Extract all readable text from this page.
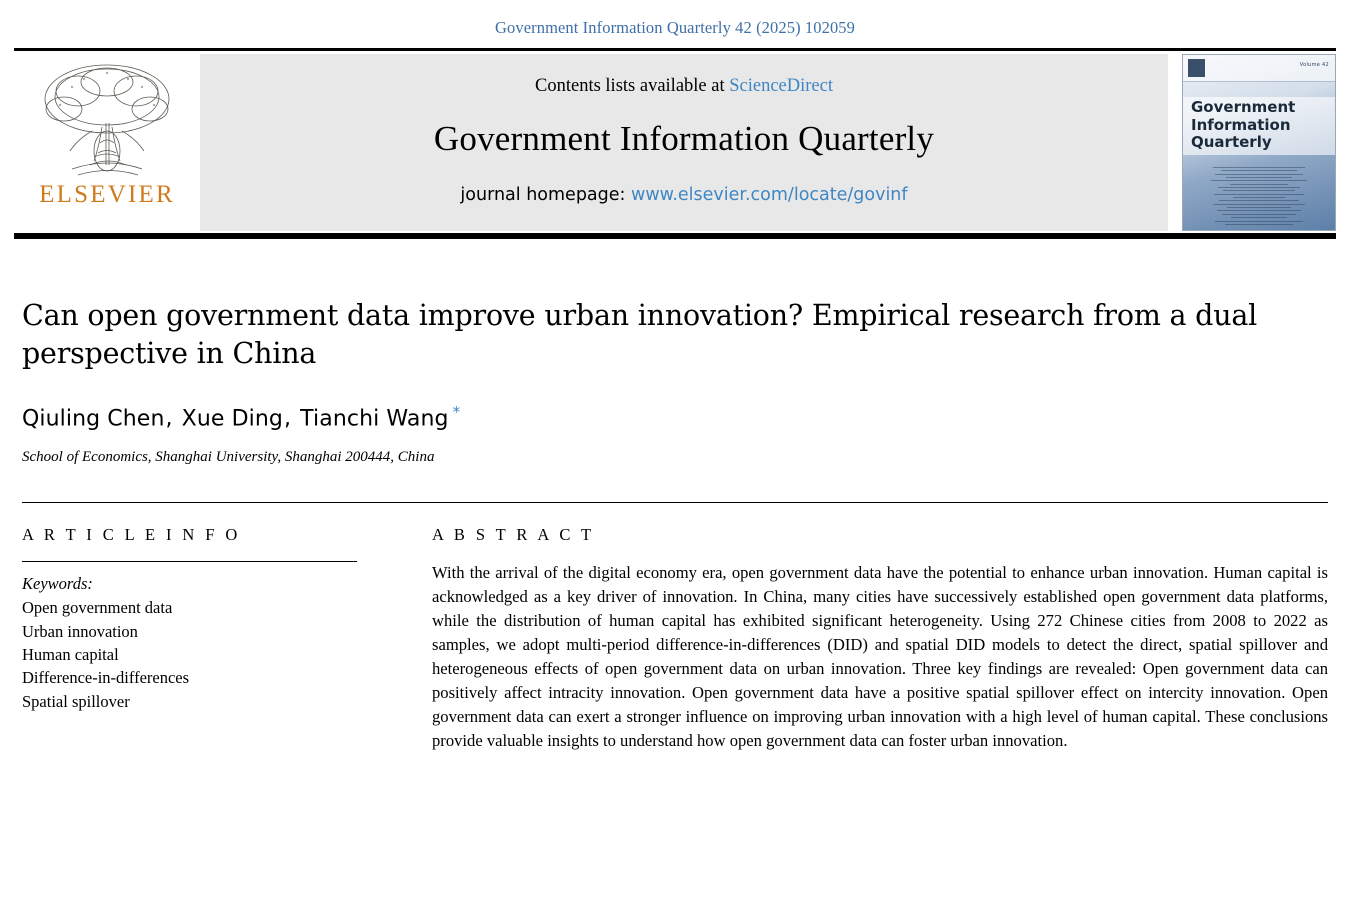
Government Information Quarterly 42 (2025) 102059
ELSEVIER
Contents lists available at ScienceDirect
Government Information Quarterly
journal homepage: www.elsevier.com/locate/govinf
Volume 42
Government
Information
Quarterly
Can open government data improve urban innovation? Empirical research from a dual perspective in China
Qiuling Chen, Xue Ding, Tianchi Wang *
School of Economics, Shanghai University, Shanghai 200444, China
A R T I C L E I N F O
Keywords:
Open government data
Urban innovation
Human capital
Difference-in-differences
Spatial spillover
A B S T R A C T
With the arrival of the digital economy era, open government data have the potential to enhance urban innovation. Human capital is acknowledged as a key driver of innovation. In China, many cities have successively established open government data platforms, while the distribution of human capital has exhibited significant heterogeneity. Using 272 Chinese cities from 2008 to 2022 as samples, we adopt multi-period difference-in-differences (DID) and spatial DID models to detect the direct, spatial spillover and heterogeneous effects of open government data on urban innovation. Three key findings are revealed: Open government data can positively affect intracity innovation. Open government data have a positive spatial spillover effect on intercity innovation. Open government data can exert a stronger influence on improving urban innovation with a high level of human capital. These conclusions provide valuable insights to understand how open government data can foster urban innovation.
